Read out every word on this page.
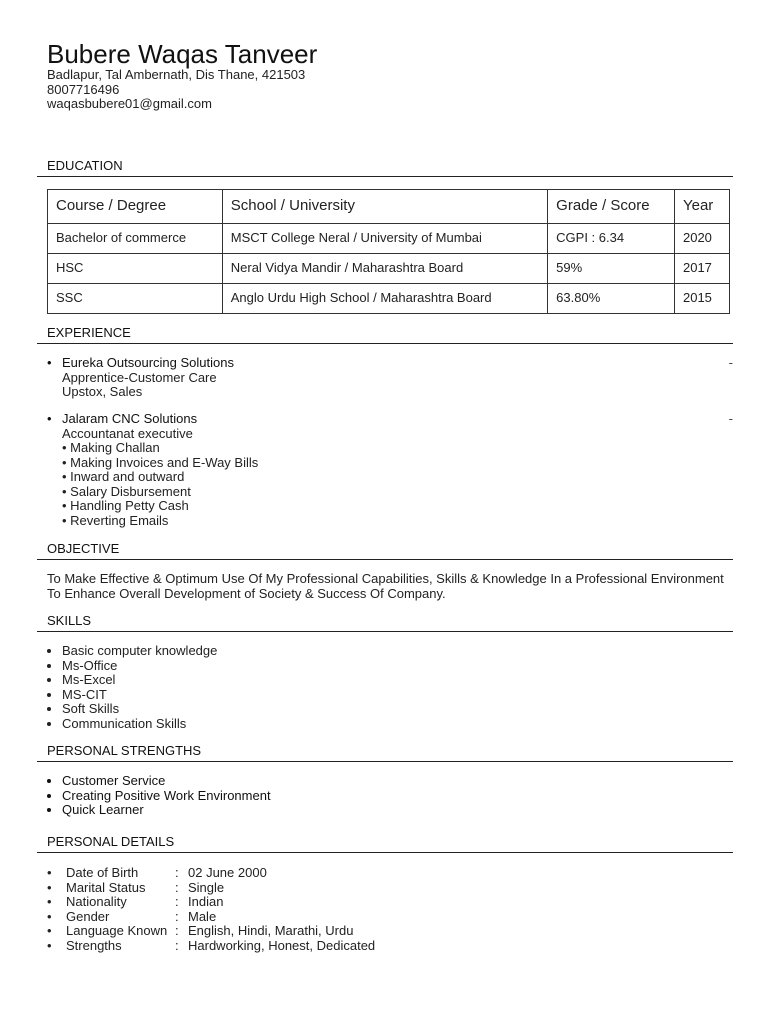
Bubere Waqas Tanveer
Badlapur, Tal Ambernath, Dis Thane, 421503
8007716496
waqasbubere01@gmail.com
EDUCATION
Course / Degree	School / University	Grade / Score	Year
Bachelor of commerce	MSCT College Neral / University of Mumbai	CGPI : 6.34	2020
HSC	Neral Vidya Mandir / Maharashtra Board	59%	2017
SSC	Anglo Urdu High School / Maharashtra Board	63.80%	2015
EXPERIENCE
• Eureka Outsourcing Solutions	-
Apprentice-Customer Care
Upstox, Sales
• Jalaram CNC Solutions	-
Accountanat executive
• Making Challan
• Making Invoices and E-Way Bills
• Inward and outward
• Salary Disbursement
• Handling Petty Cash
• Reverting Emails
OBJECTIVE
To Make Effective & Optimum Use Of My Professional Capabilities, Skills & Knowledge In a Professional Environment To Enhance Overall Development of Society & Success Of Company.
SKILLS
• Basic computer knowledge
• Ms-Office
• Ms-Excel
• MS-CIT
• Soft Skills
• Communication Skills
PERSONAL STRENGTHS
• Customer Service
• Creating Positive Work Environment
• Quick Learner
PERSONAL DETAILS
• Date of Birth	: 02 June 2000
• Marital Status : Single
• Nationality	: Indian
• Gender	: Male
• Language Known : English, Hindi, Marathi, Urdu
• Strengths	: Hardworking, Honest, Dedicated
